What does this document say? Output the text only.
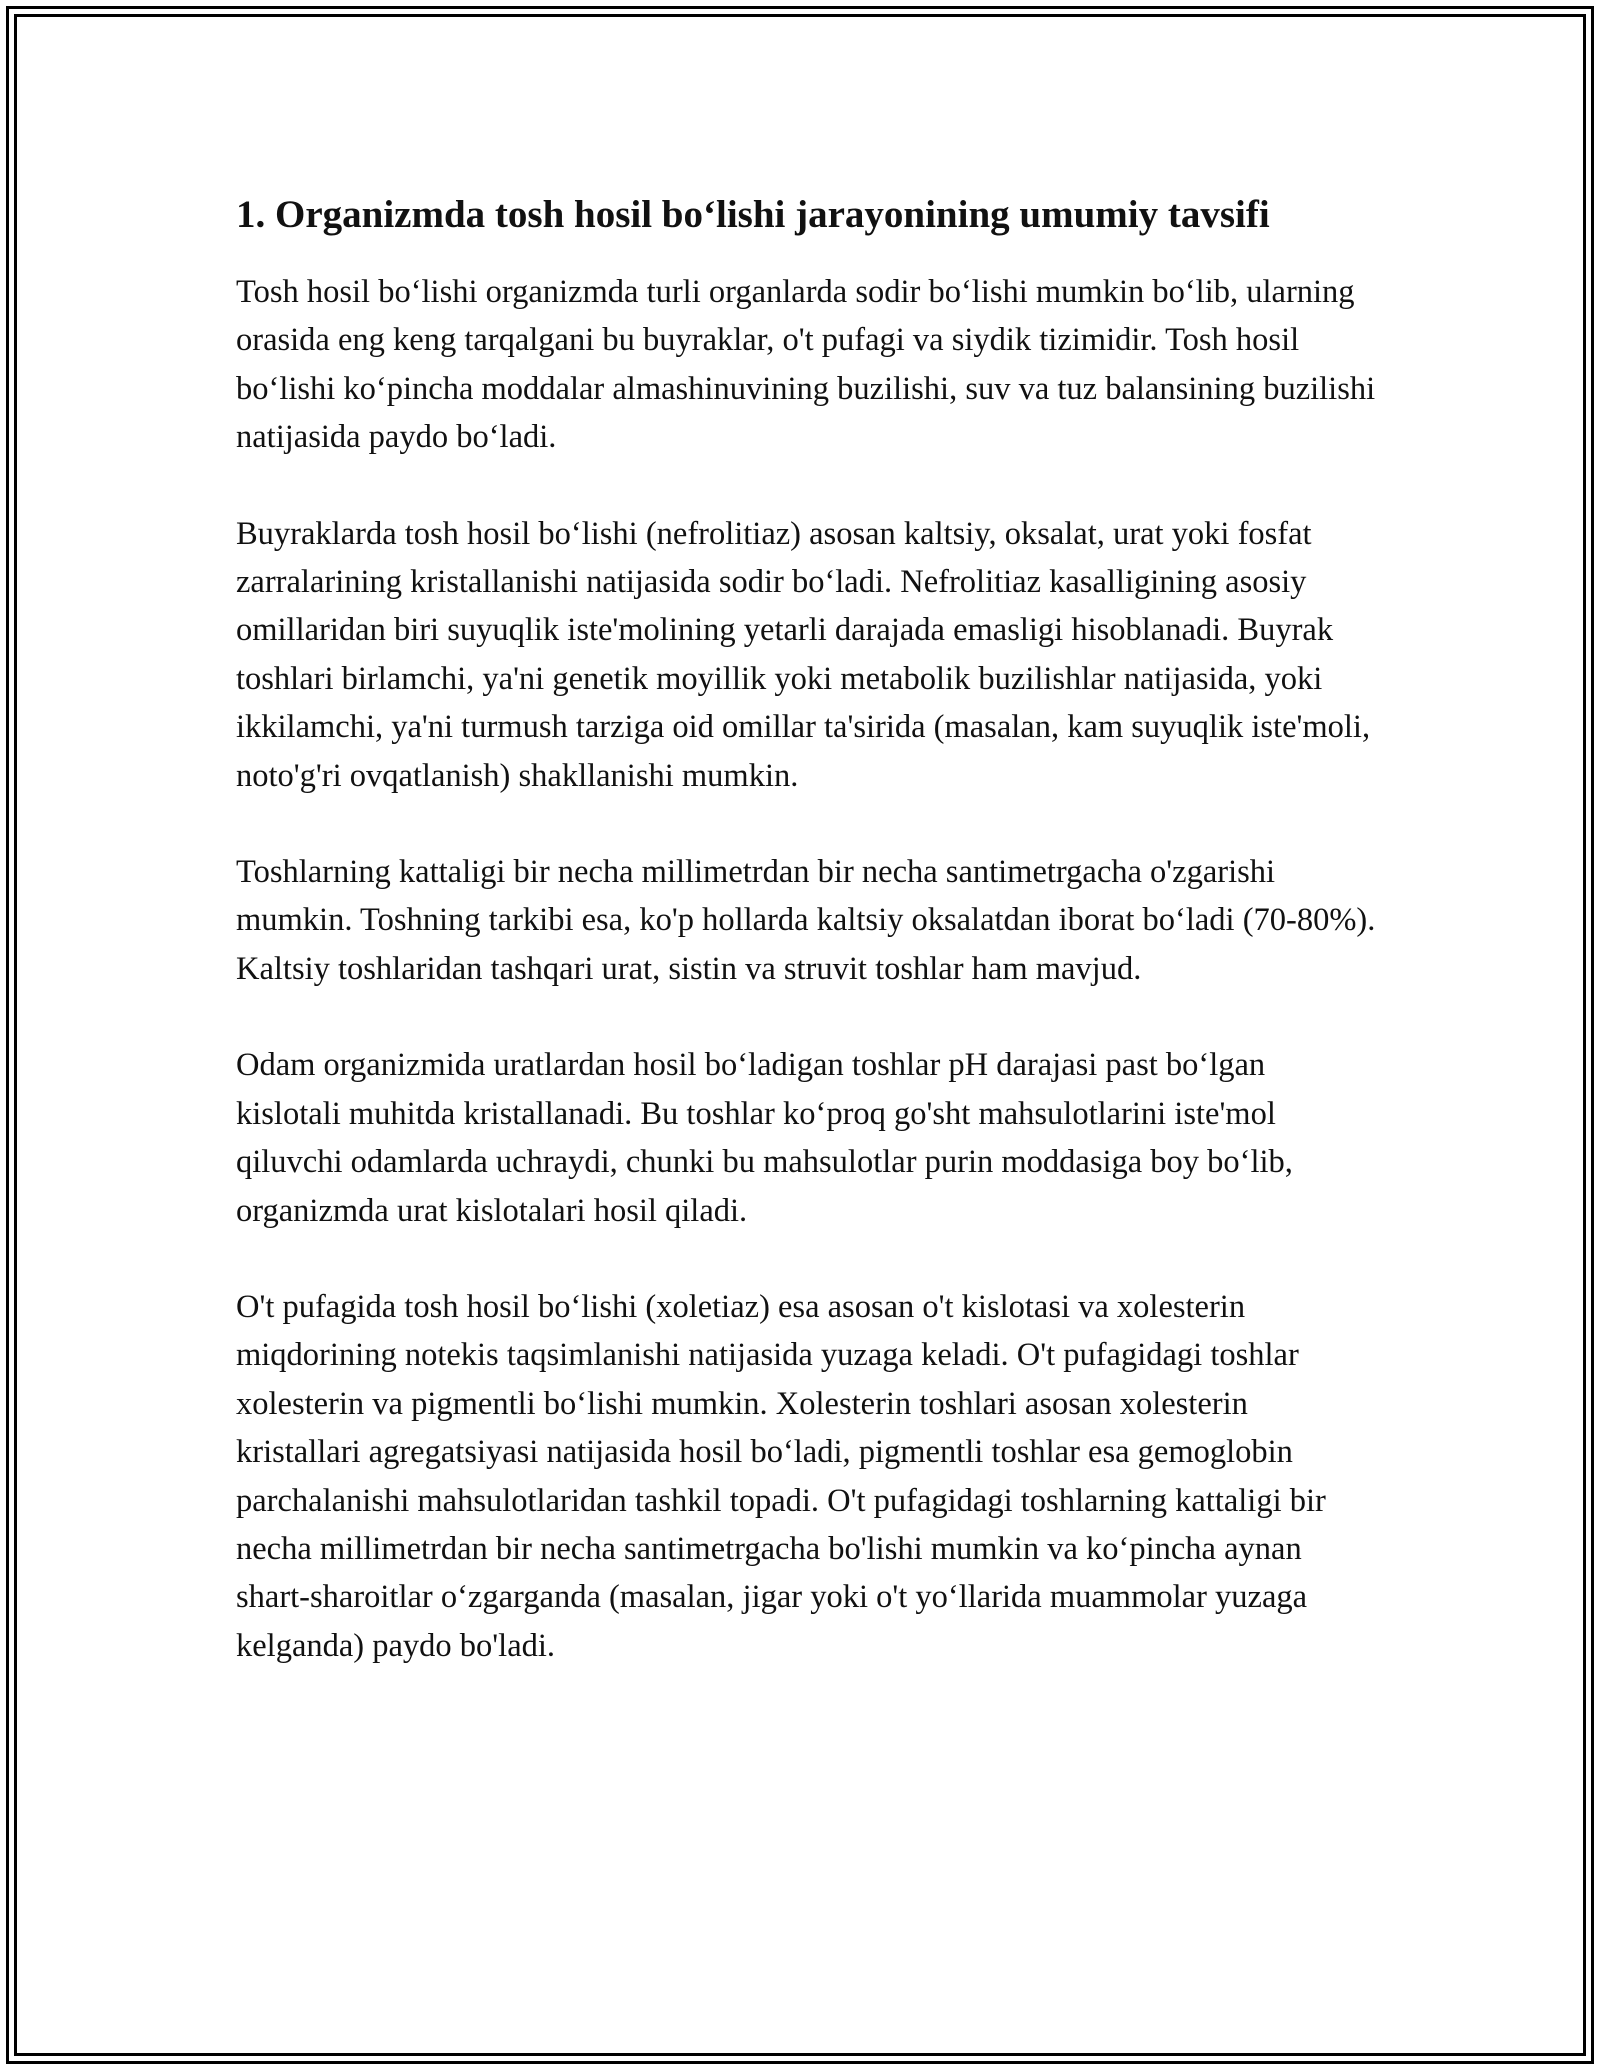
1. Organizmda tosh hosil bo‘lishi jarayonining umumiy tavsifi

Tosh hosil bo‘lishi organizmda turli organlarda sodir bo‘lishi mumkin bo‘lib, ularning orasida eng keng tarqalgani bu buyraklar, o't pufagi va siydik tizimidir. Tosh hosil bo‘lishi ko‘pincha moddalar almashinuvining buzilishi, suv va tuz balansining buzilishi natijasida paydo bo‘ladi.

Buyraklarda tosh hosil bo‘lishi (nefrolitiaz) asosan kaltsiy, oksalat, urat yoki fosfat zarralarining kristallanishi natijasida sodir bo‘ladi. Nefrolitiaz kasalligining asosiy omillaridan biri suyuqlik iste'molining yetarli darajada emasligi hisoblanadi. Buyrak toshlari birlamchi, ya'ni genetik moyillik yoki metabolik buzilishlar natijasida, yoki ikkilamchi, ya'ni turmush tarziga oid omillar ta'sirida (masalan, kam suyuqlik iste'moli, noto'g'ri ovqatlanish) shakllanishi mumkin.

Toshlarning kattaligi bir necha millimetrdan bir necha santimetrgacha o'zgarishi mumkin. Toshning tarkibi esa, ko'p hollarda kaltsiy oksalatdan iborat bo‘ladi (70-80%). Kaltsiy toshlaridan tashqari urat, sistin va struvit toshlar ham mavjud.

Odam organizmida uratlardan hosil bo‘ladigan toshlar pH darajasi past bo‘lgan kislotali muhitda kristallanadi. Bu toshlar ko‘proq go'sht mahsulotlarini iste'mol qiluvchi odamlarda uchraydi, chunki bu mahsulotlar purin moddasiga boy bo‘lib, organizmda urat kislotalari hosil qiladi.

O't pufagida tosh hosil bo‘lishi (xoletiaz) esa asosan o't kislotasi va xolesterin miqdorining notekis taqsimlanishi natijasida yuzaga keladi. O't pufagidagi toshlar xolesterin va pigmentli bo‘lishi mumkin. Xolesterin toshlari asosan xolesterin kristallari agregatsiyasi natijasida hosil bo‘ladi, pigmentli toshlar esa gemoglobin parchalanishi mahsulotlaridan tashkil topadi. O't pufagidagi toshlarning kattaligi bir necha millimetrdan bir necha santimetrgacha bo'lishi mumkin va ko‘pincha aynan shart-sharoitlar o‘zgarganda (masalan, jigar yoki o't yo‘llarida muammolar yuzaga kelganda) paydo bo'ladi.
